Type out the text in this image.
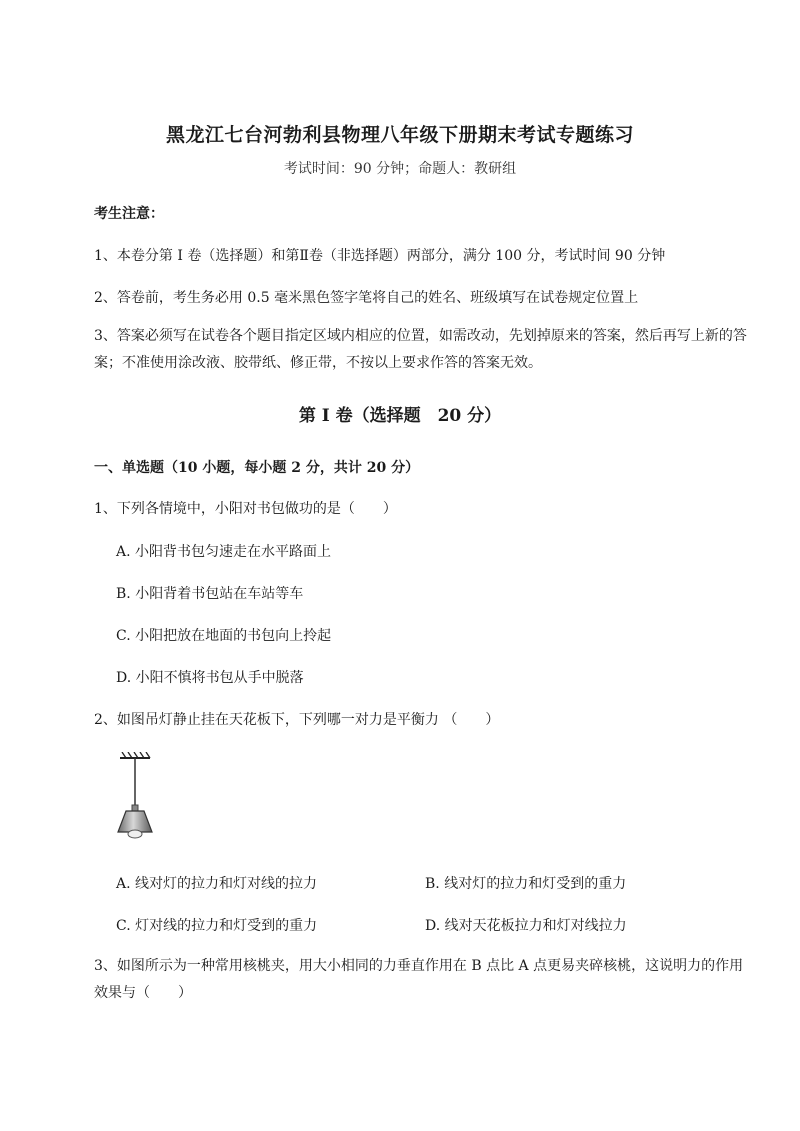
黑龙江七台河勃利县物理八年级下册期末考试专题练习
考试时间：90 分钟；命题人：教研组
考生注意：
1、本卷分第 I 卷（选择题）和第Ⅱ卷（非选择题）两部分，满分 100 分，考试时间 90 分钟
2、答卷前，考生务必用 0.5 毫米黑色签字笔将自己的姓名、班级填写在试卷规定位置上
3、答案必须写在试卷各个题目指定区域内相应的位置，如需改动，先划掉原来的答案，然后再写上新的答案；不准使用涂改液、胶带纸、修正带，不按以上要求作答的答案无效。
第 I 卷（选择题　20 分）
一、单选题（10 小题，每小题 2 分，共计 20 分）
1、下列各情境中，小阳对书包做功的是（　　）
A. 小阳背书包匀速走在水平路面上
B. 小阳背着书包站在车站等车
C. 小阳把放在地面的书包向上拎起
D. 小阳不慎将书包从手中脱落
2、如图吊灯静止挂在天花板下，下列哪一对力是平衡力 （　　）
A. 线对灯的拉力和灯对线的拉力	B. 线对灯的拉力和灯受到的重力
C. 灯对线的拉力和灯受到的重力	D. 线对天花板拉力和灯对线拉力
3、如图所示为一种常用核桃夹，用大小相同的力垂直作用在 B 点比 A 点更易夹碎核桃，这说明力的作用效果与（　　）
